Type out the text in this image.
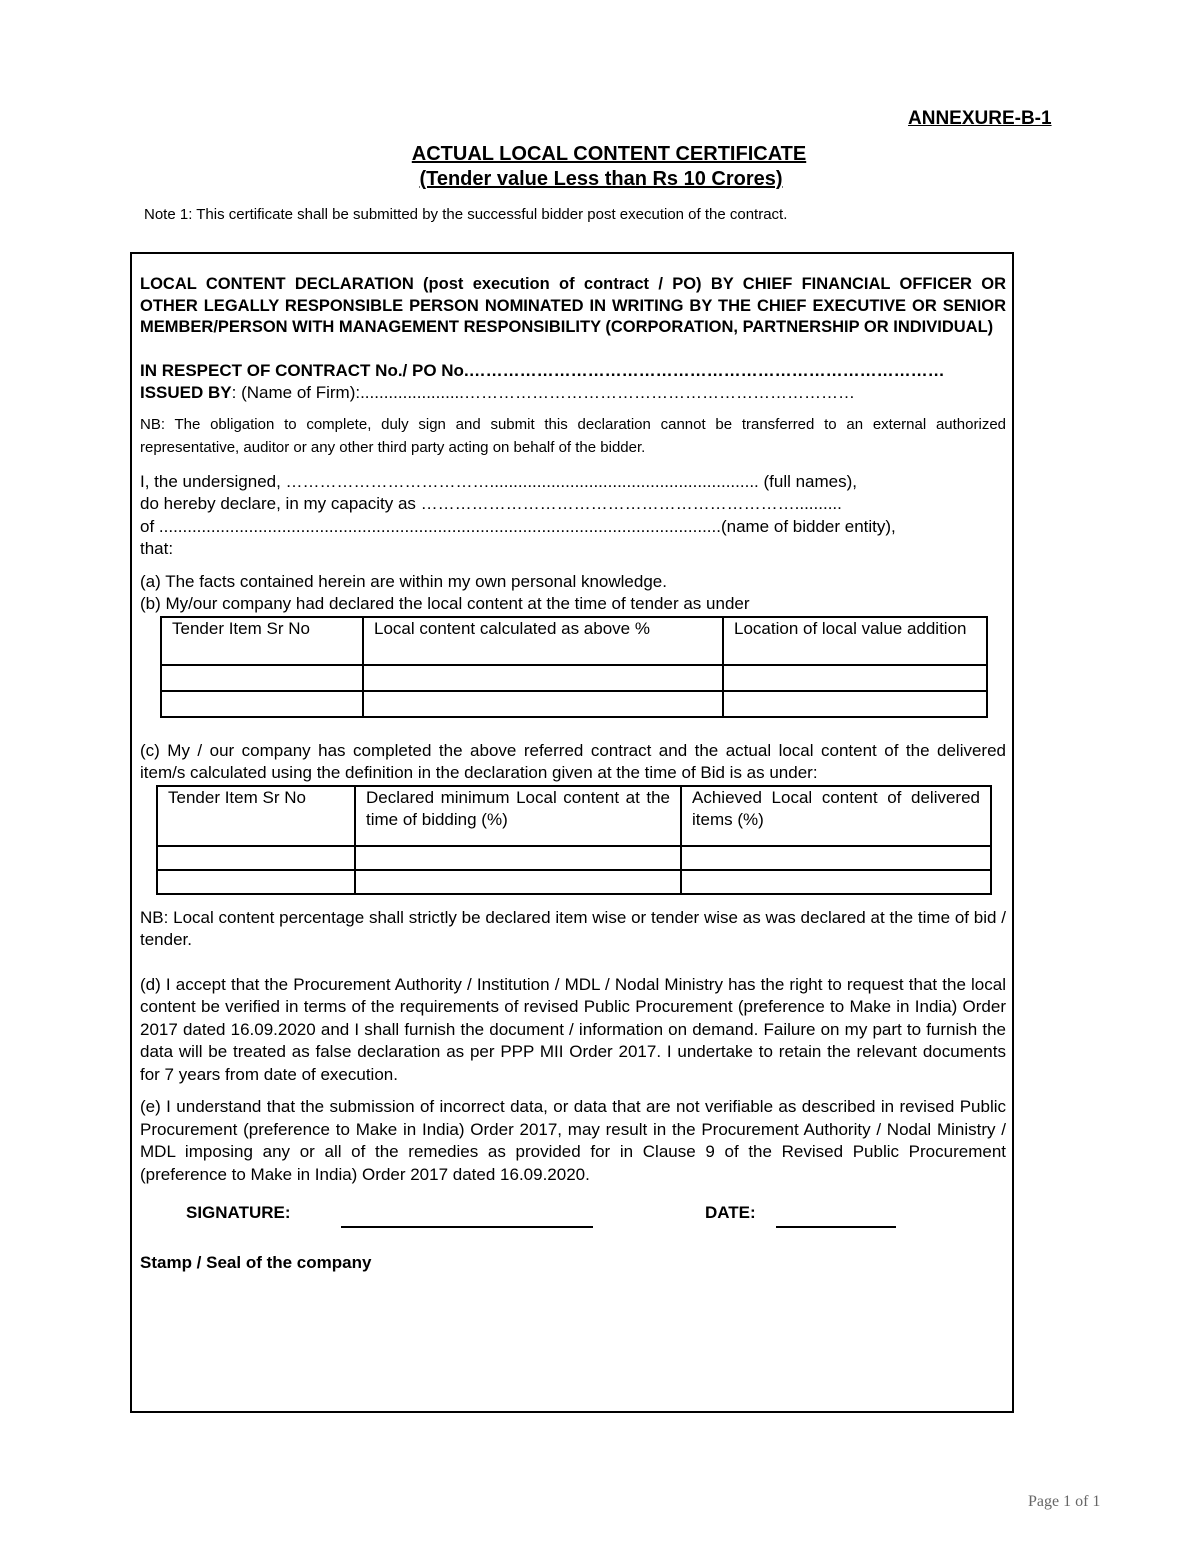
ANNEXURE-B-1
ACTUAL LOCAL CONTENT CERTIFICATE
(Tender value Less than Rs 10 Crores)
Note 1: This certificate shall be submitted by the successful bidder post execution of the contract.

LOCAL CONTENT DECLARATION (post execution of contract / PO) BY CHIEF FINANCIAL OFFICER OR OTHER LEGALLY RESPONSIBLE PERSON NOMINATED IN WRITING BY THE CHIEF EXECUTIVE OR SENIOR MEMBER/PERSON WITH MANAGEMENT RESPONSIBILITY (CORPORATION, PARTNERSHIP OR INDIVIDUAL)

IN RESPECT OF CONTRACT No./ PO No.…………………………………………………………………………

ISSUED BY: (Name of Firm):......................……………………………………………………………

NB: The obligation to complete, duly sign and submit this declaration cannot be transferred to an external authorized representative, auditor or any other third party acting on behalf of the bidder.

I, the undersigned, ………………………………......................................................... (full names),

do hereby declare, in my capacity as …………………………………………………………..........

of .......................................................................................................................(name of bidder entity),

that:

(a) The facts contained herein are within my own personal knowledge.

(b) My/our company had declared the local content at the time of tender as under

Tender Item Sr No	Local content calculated as above %	Location of local value addition

(c) My / our company has completed the above referred contract and the actual local content of the delivered item/s calculated using the definition in the declaration given at the time of Bid is as under:

Tender Item Sr No	Declared minimum Local content at the time of bidding (%)	Achieved Local content of delivered items (%)

NB: Local content percentage shall strictly be declared item wise or tender wise as was declared at the time of bid / tender.

(d) I accept that the Procurement Authority / Institution / MDL / Nodal Ministry has the right to request that the local content be verified in terms of the requirements of revised Public Procurement (preference to Make in India) Order 2017 dated 16.09.2020 and I shall furnish the document / information on demand. Failure on my part to furnish the data will be treated as false declaration as per PPP MII Order 2017. I undertake to retain the relevant documents for 7 years from date of execution.

(e) I understand that the submission of incorrect data, or data that are not verifiable as described in revised Public Procurement (preference to Make in India) Order 2017, may result in the Procurement Authority / Nodal Ministry / MDL imposing any or all of the remedies as provided for in Clause 9 of the Revised Public Procurement (preference to Make in India) Order 2017 dated 16.09.2020.

SIGNATURE:	DATE:

Stamp / Seal of the company

Page 1 of 1
